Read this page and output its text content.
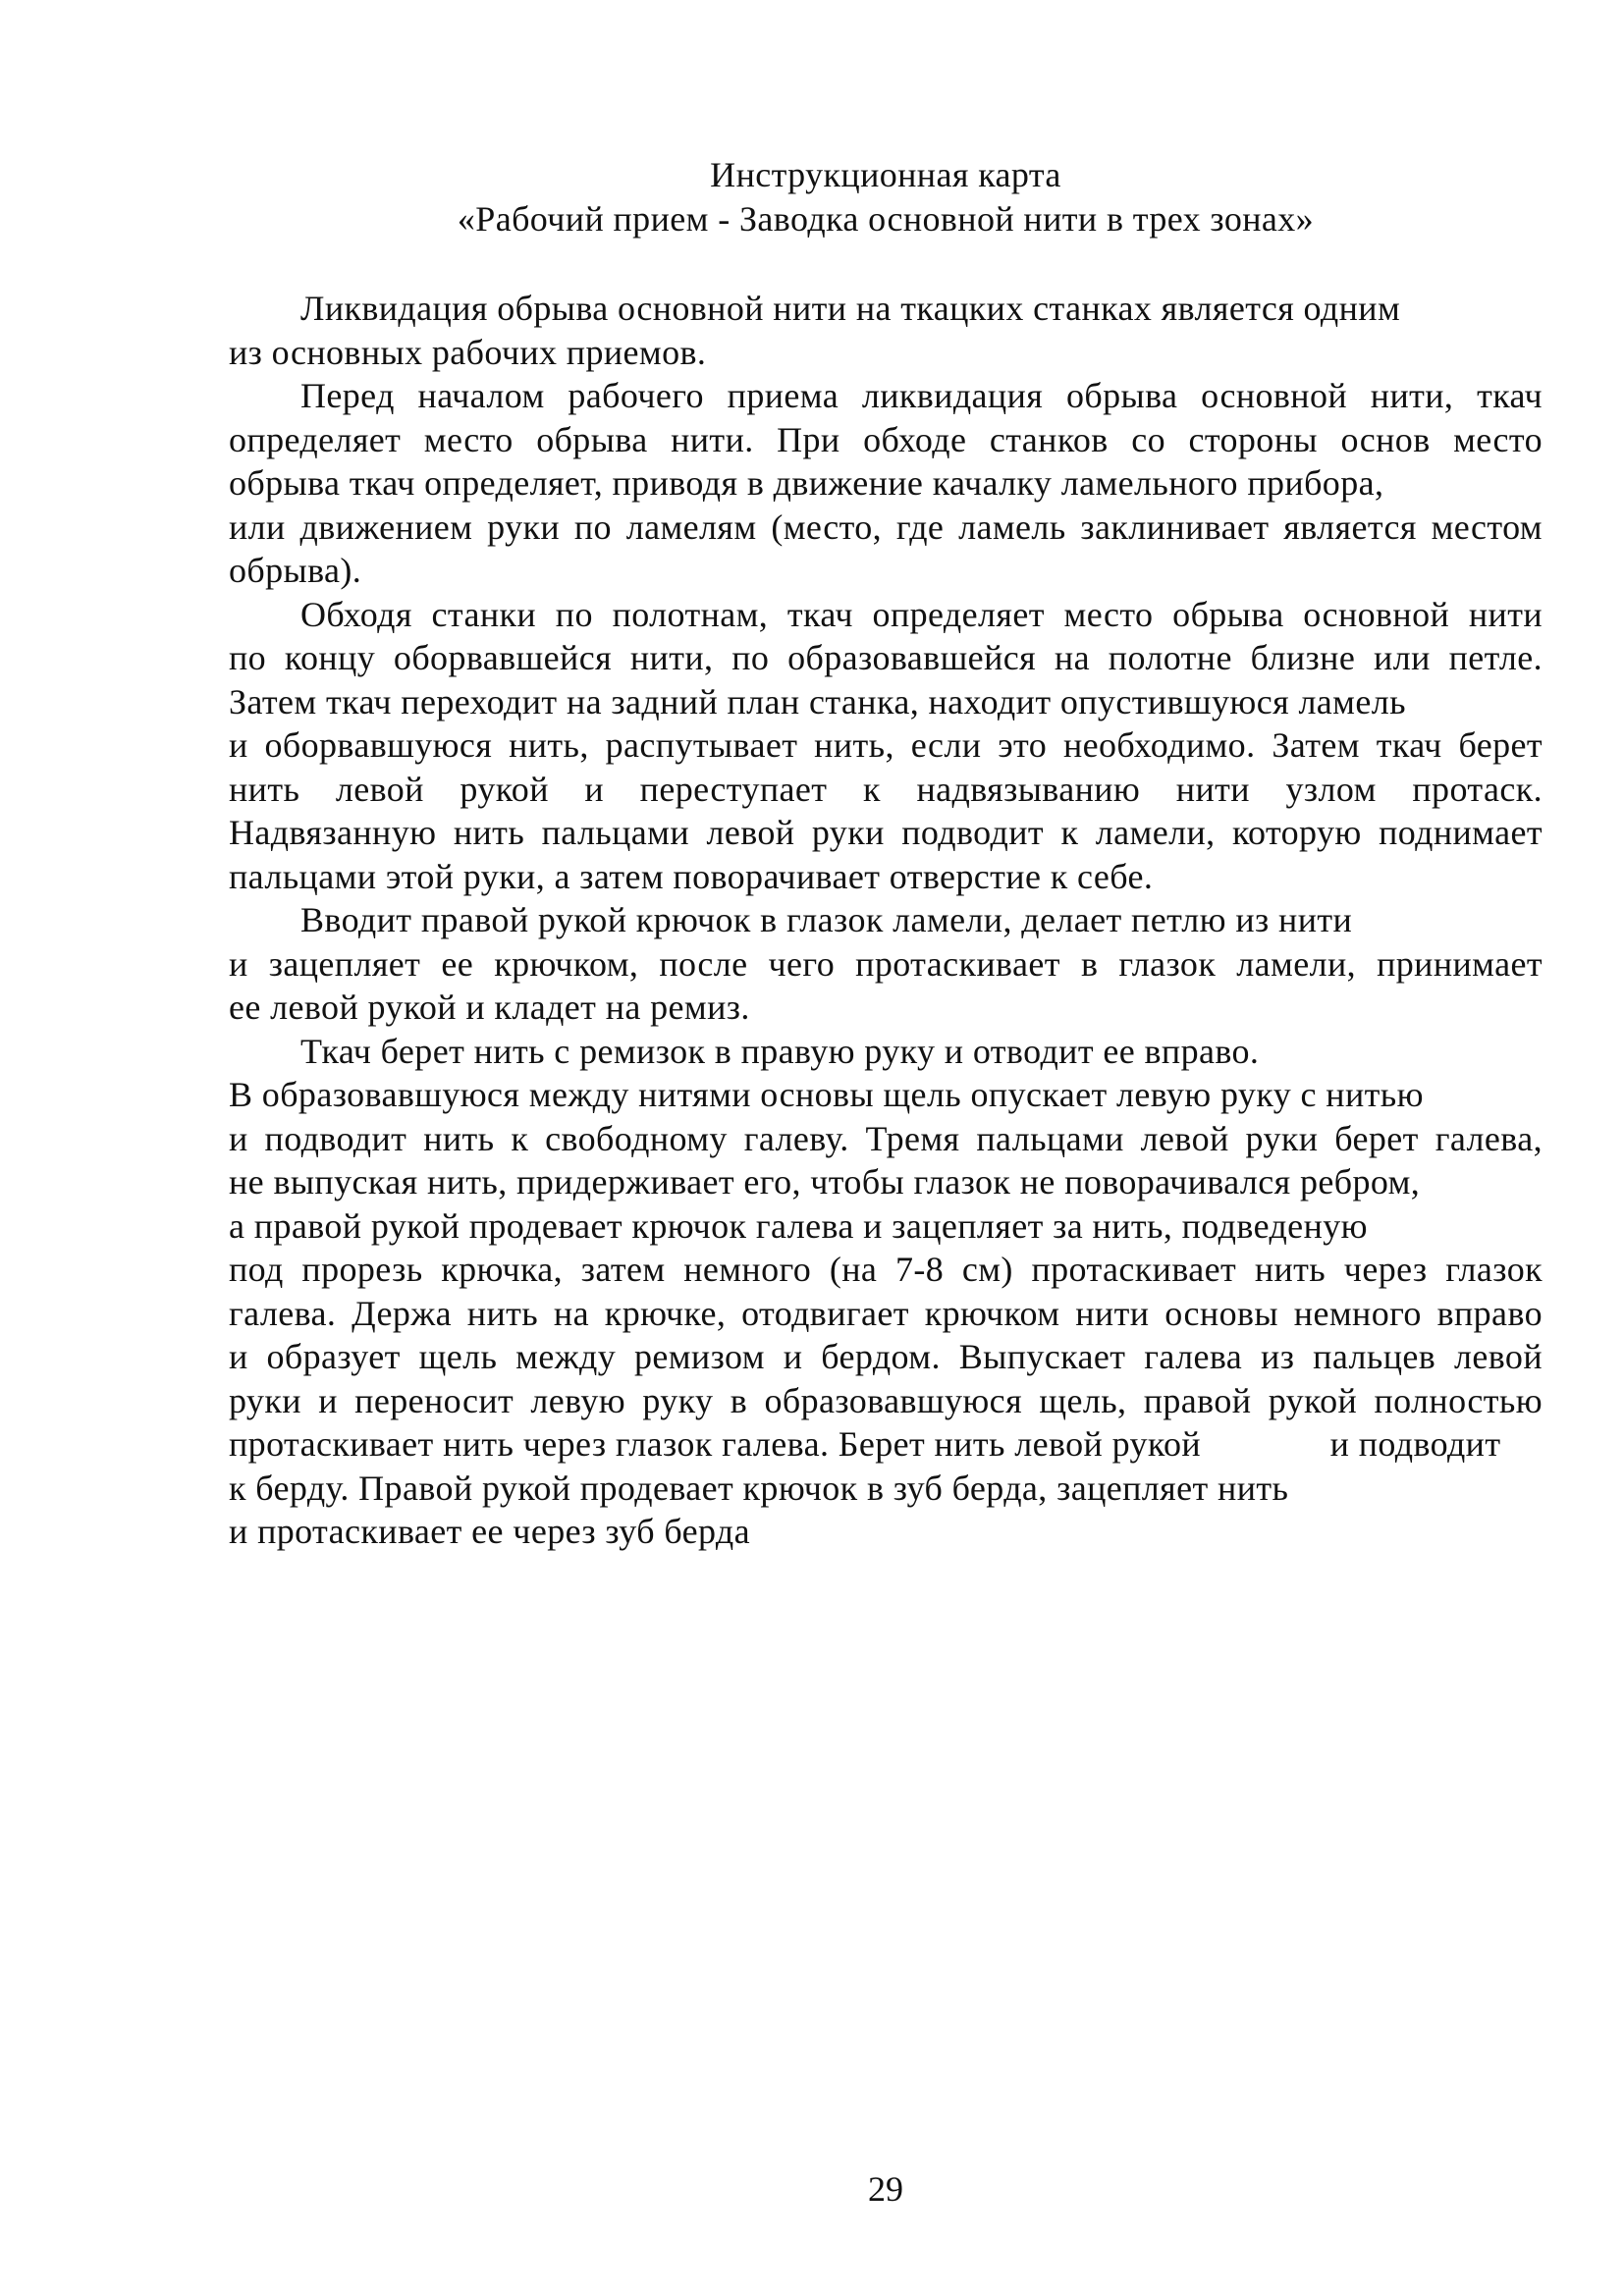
Инструкционная карта
«Рабочий прием - Заводка основной нити в трех зонах»
Ликвидация обрыва основной нити на ткацких станках является одним
из основных рабочих приемов.
Перед началом рабочего приема ликвидация обрыва основной нити, ткач
определяет место обрыва нити. При обходе станков со стороны основ место
обрыва ткач определяет, приводя в движение качалку ламельного прибора,
или движением руки по ламелям (место, где ламель заклинивает является местом
обрыва).
Обходя станки по полотнам, ткач определяет место обрыва основной нити
по концу оборвавшейся нити, по образовавшейся на полотне близне или петле.
Затем ткач переходит на задний план станка, находит опустившуюся ламель
и оборвавшуюся нить, распутывает нить, если это необходимо. Затем ткач берет
нить левой рукой и переступает к надвязыванию нити узлом протаск.
Надвязанную нить пальцами левой руки подводит к ламели, которую поднимает
пальцами этой руки, а затем поворачивает отверстие к себе.
Вводит правой рукой крючок в глазок ламели, делает петлю из нити
и зацепляет ее крючком, после чего протаскивает в глазок ламели, принимает
ее левой рукой и кладет на ремиз.
Ткач берет нить с ремизок в правую руку и отводит ее вправо.
В образовавшуюся между нитями основы щель опускает левую руку с нитью
и подводит нить к свободному галеву. Тремя пальцами левой руки берет галева,
не выпуская нить, придерживает его, чтобы глазок не поворачивался ребром,
а правой рукой продевает крючок галева и зацепляет за нить, подведеную
под прорезь крючка, затем немного (на 7-8 см) протаскивает нить через глазок
галева. Держа нить на крючке, отодвигает крючком нити основы немного вправо
и образует щель между ремизом и бердом. Выпускает галева из пальцев левой
руки и переносит левую руку в образовавшуюся щель, правой рукой полностью
протаскивает нить через глазок галева. Берет нить левой рукой              и подводит
к берду. Правой рукой продевает крючок в зуб берда, зацепляет нить
и протаскивает ее через зуб берда
29
